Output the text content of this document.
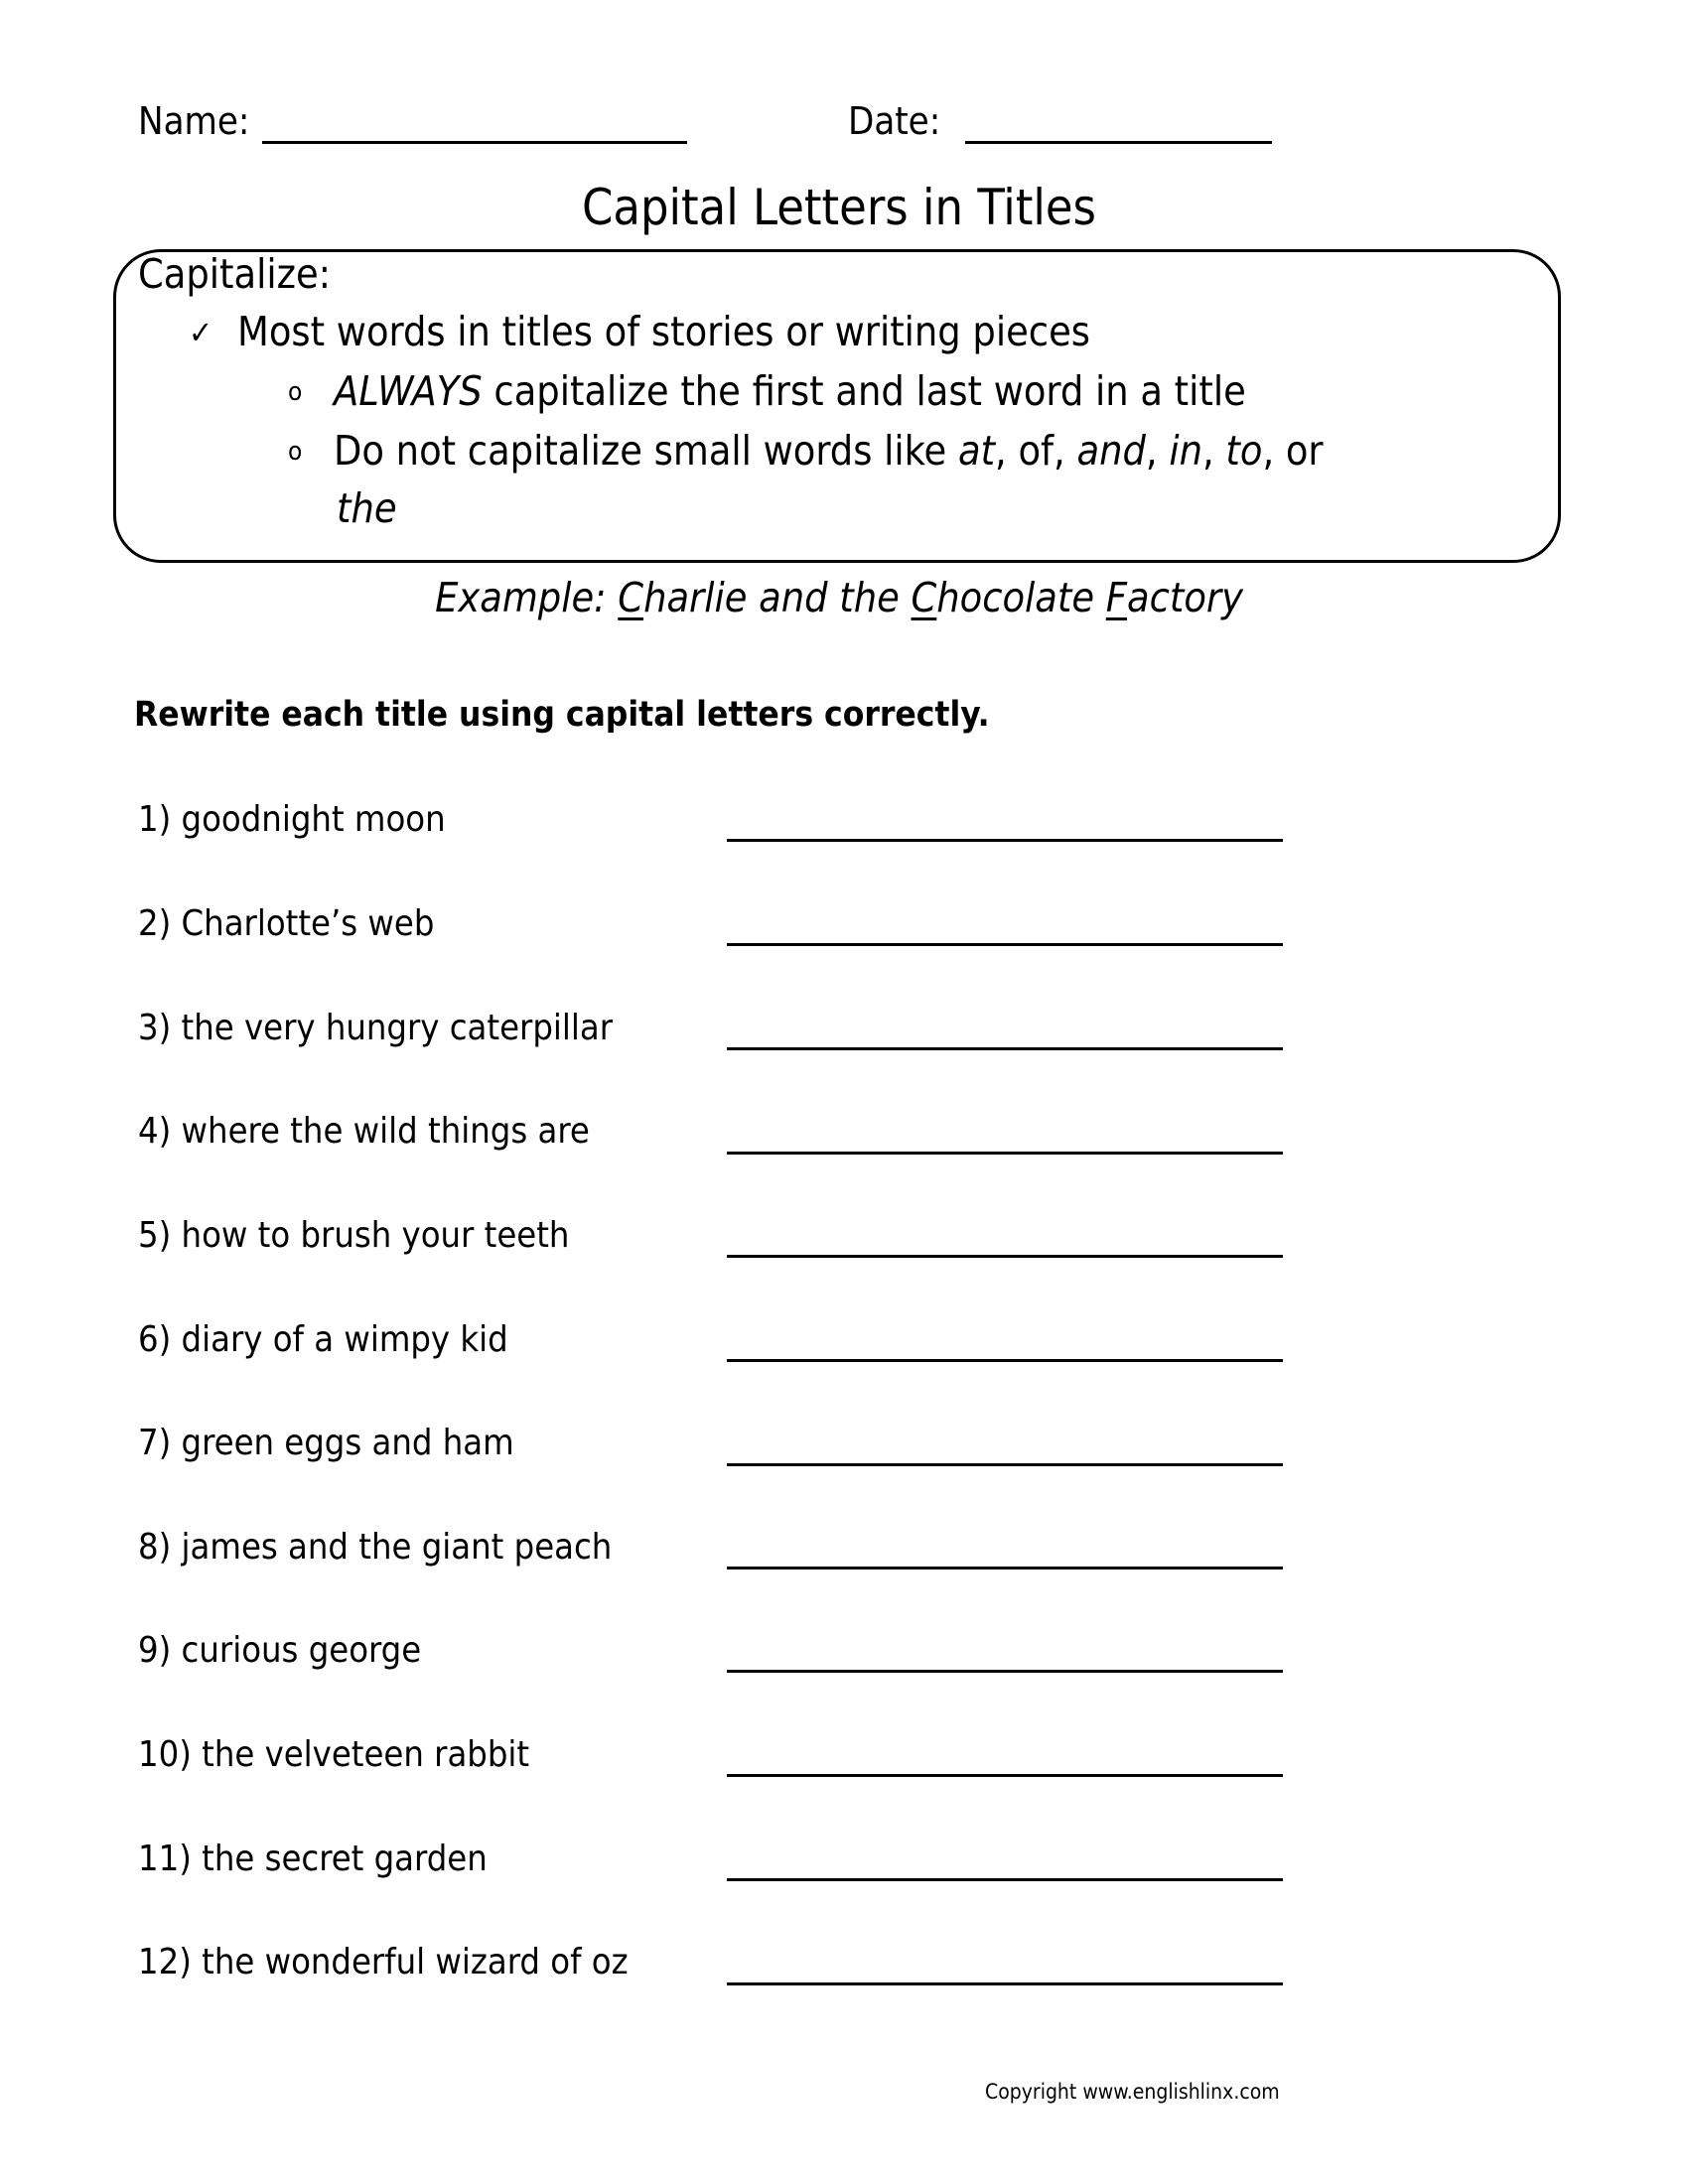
Name:	Date:
Capital Letters in Titles
Capitalize:
✓ Most words in titles of stories or writing pieces
o ALWAYS capitalize the first and last word in a title
o Do not capitalize small words like at, of, and, in, to, or
the
Example: Charlie and the Chocolate Factory
Rewrite each title using capital letters correctly.
1) goodnight moon
2) Charlotte’s web
3) the very hungry caterpillar
4) where the wild things are
5) how to brush your teeth
6) diary of a wimpy kid
7) green eggs and ham
8) james and the giant peach
9) curious george
10) the velveteen rabbit
11) the secret garden
12) the wonderful wizard of oz
Copyright www.englishlinx.com
